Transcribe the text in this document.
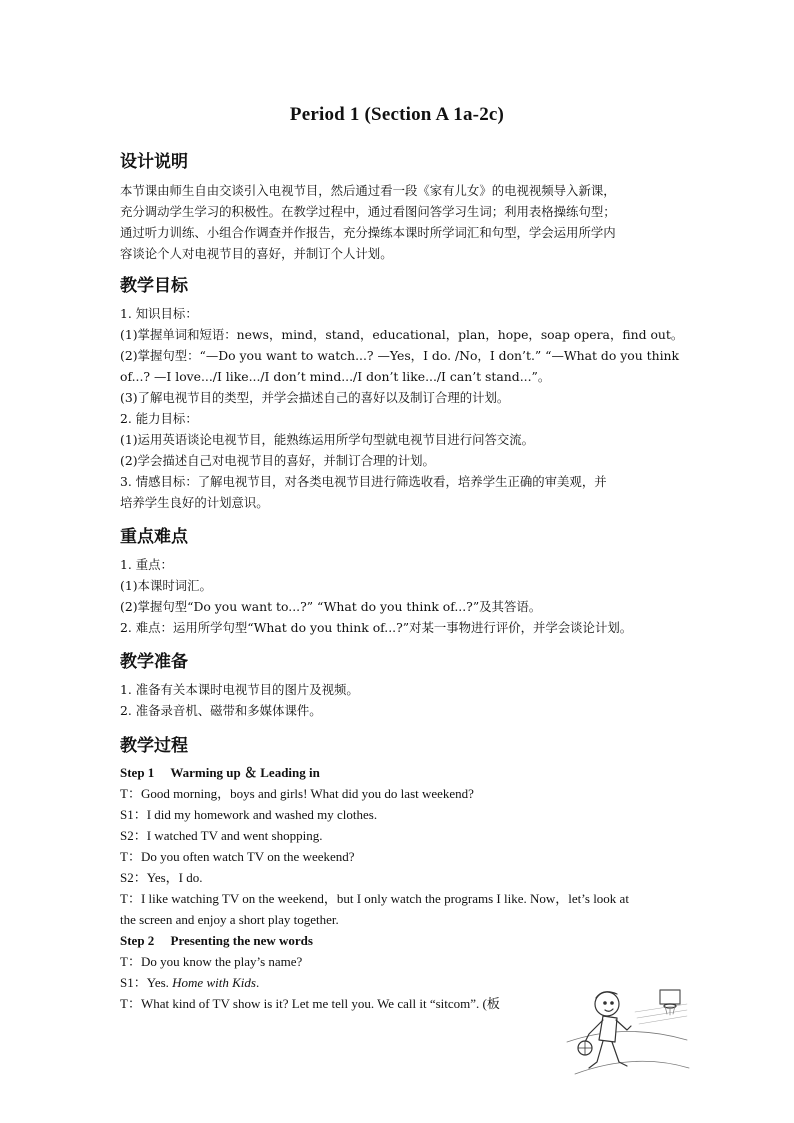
Period 1 (Section A 1a-2c)
设计说明
本节课由师生自由交谈引入电视节目，然后通过看一段《家有儿女》的电视视频导入新课，
充分调动学生学习的积极性。在教学过程中，通过看图问答学习生词；利用表格操练句型；
通过听力训练、小组合作调查并作报告，充分操练本课时所学词汇和句型，学会运用所学内
容谈论个人对电视节目的喜好，并制订个人计划。
教学目标
1. 知识目标：
(1)掌握单词和短语：news，mind，stand，educational，plan，hope，soap opera，find out。
(2)掌握句型：“—Do you want to watch...? —Yes，I do. /No，I don’t.” “—What do you think
of...? —I love.../I like.../I don’t mind.../I don’t like.../I can’t stand...”。
(3)了解电视节目的类型，并学会描述自己的喜好以及制订合理的计划。
2. 能力目标：
(1)运用英语谈论电视节目，能熟练运用所学句型就电视节目进行问答交流。
(2)学会描述自己对电视节目的喜好，并制订合理的计划。
3. 情感目标：了解电视节目，对各类电视节目进行筛选收看，培养学生正确的审美观，并
培养学生良好的计划意识。
重点难点
1. 重点：
(1)本课时词汇。
(2)掌握句型“Do you want to...?” “What do you think of...?”及其答语。
2. 难点：运用所学句型“What do you think of...?”对某一事物进行评价，并学会谈论计划。
教学准备
1. 准备有关本课时电视节目的图片及视频。
2. 准备录音机、磁带和多媒体课件。
教学过程
Step 1　 Warming up ＆ Leading in
T：Good morning，boys and girls! What did you do last weekend?
S1：I did my homework and washed my clothes.
S2：I watched TV and went shopping.
T：Do you often watch TV on the weekend?
S2：Yes，I do.
T：I like watching TV on the weekend，but I only watch the programs I like. Now，let’s look at
the screen and enjoy a short play together.
Step 2　 Presenting the new words
T：Do you know the play’s name?
S1：Yes. Home with Kids.
T：What kind of TV show is it? Let me tell you. We call it “sitcom”. (板
